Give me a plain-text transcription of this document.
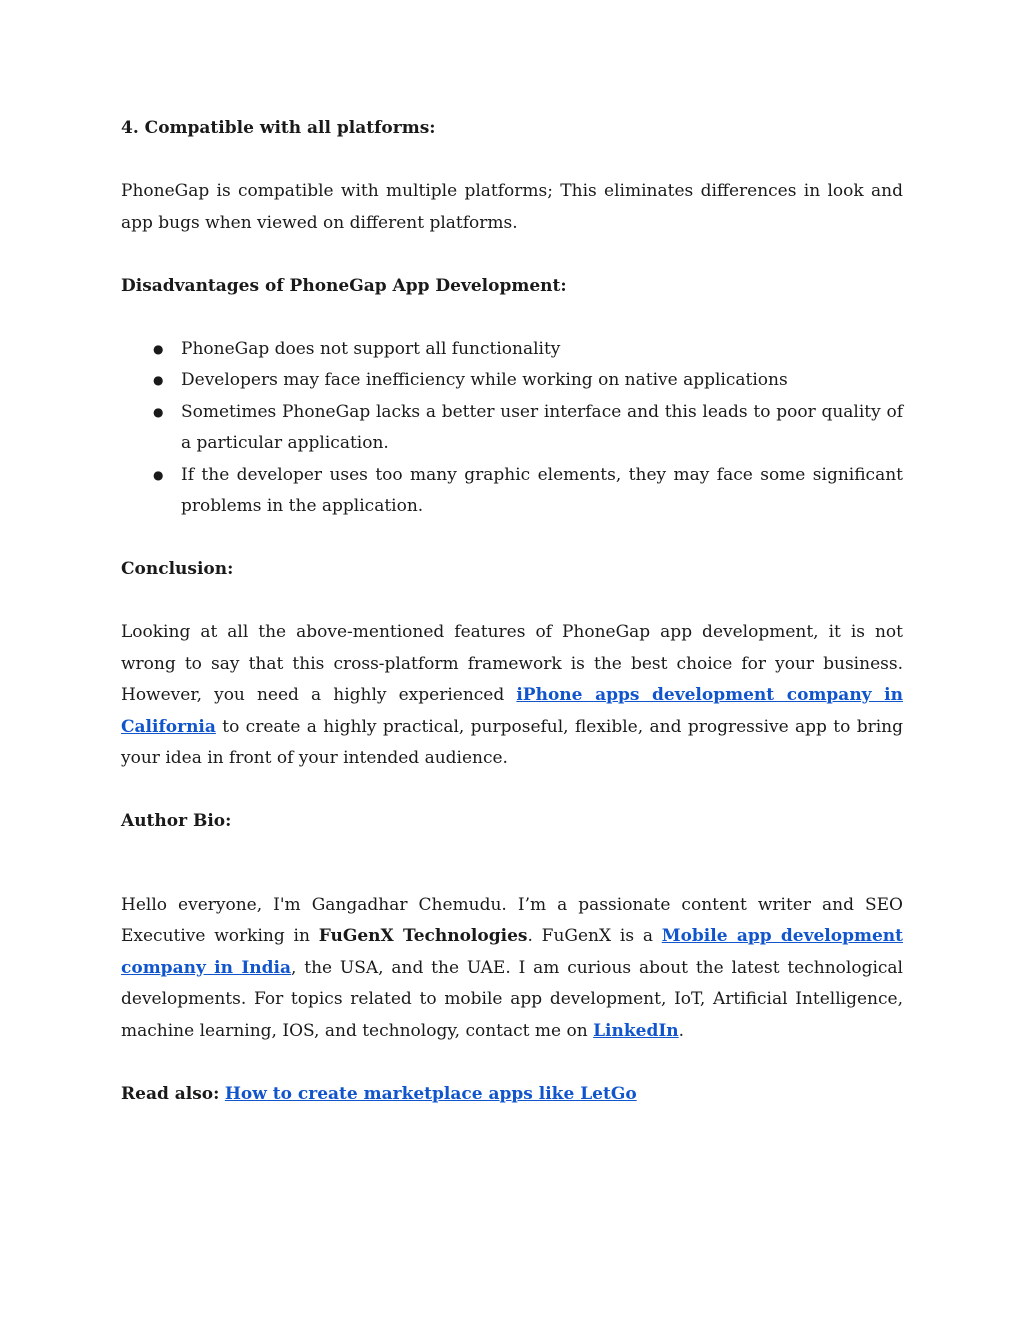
4. Compatible with all platforms:

PhoneGap is compatible with multiple platforms; This eliminates differences in look and app bugs when viewed on different platforms.

Disadvantages of PhoneGap App Development:

● PhoneGap does not support all functionality
● Developers may face inefficiency while working on native applications
● Sometimes PhoneGap lacks a better user interface and this leads to poor quality of a particular application.
● If the developer uses too many graphic elements, they may face some significant problems in the application.

Conclusion:

Looking at all the above-mentioned features of PhoneGap app development, it is not wrong to say that this cross-platform framework is the best choice for your business. However, you need a highly experienced iPhone apps development company in California to create a highly practical, purposeful, flexible, and progressive app to bring your idea in front of your intended audience.

Author Bio:

Hello everyone, I'm Gangadhar Chemudu. I’m a passionate content writer and SEO Executive working in FuGenX Technologies. FuGenX is a Mobile app development company in India, the USA, and the UAE. I am curious about the latest technological developments. For topics related to mobile app development, IoT, Artificial Intelligence, machine learning, IOS, and technology, contact me on LinkedIn.

Read also: How to create marketplace apps like LetGo
